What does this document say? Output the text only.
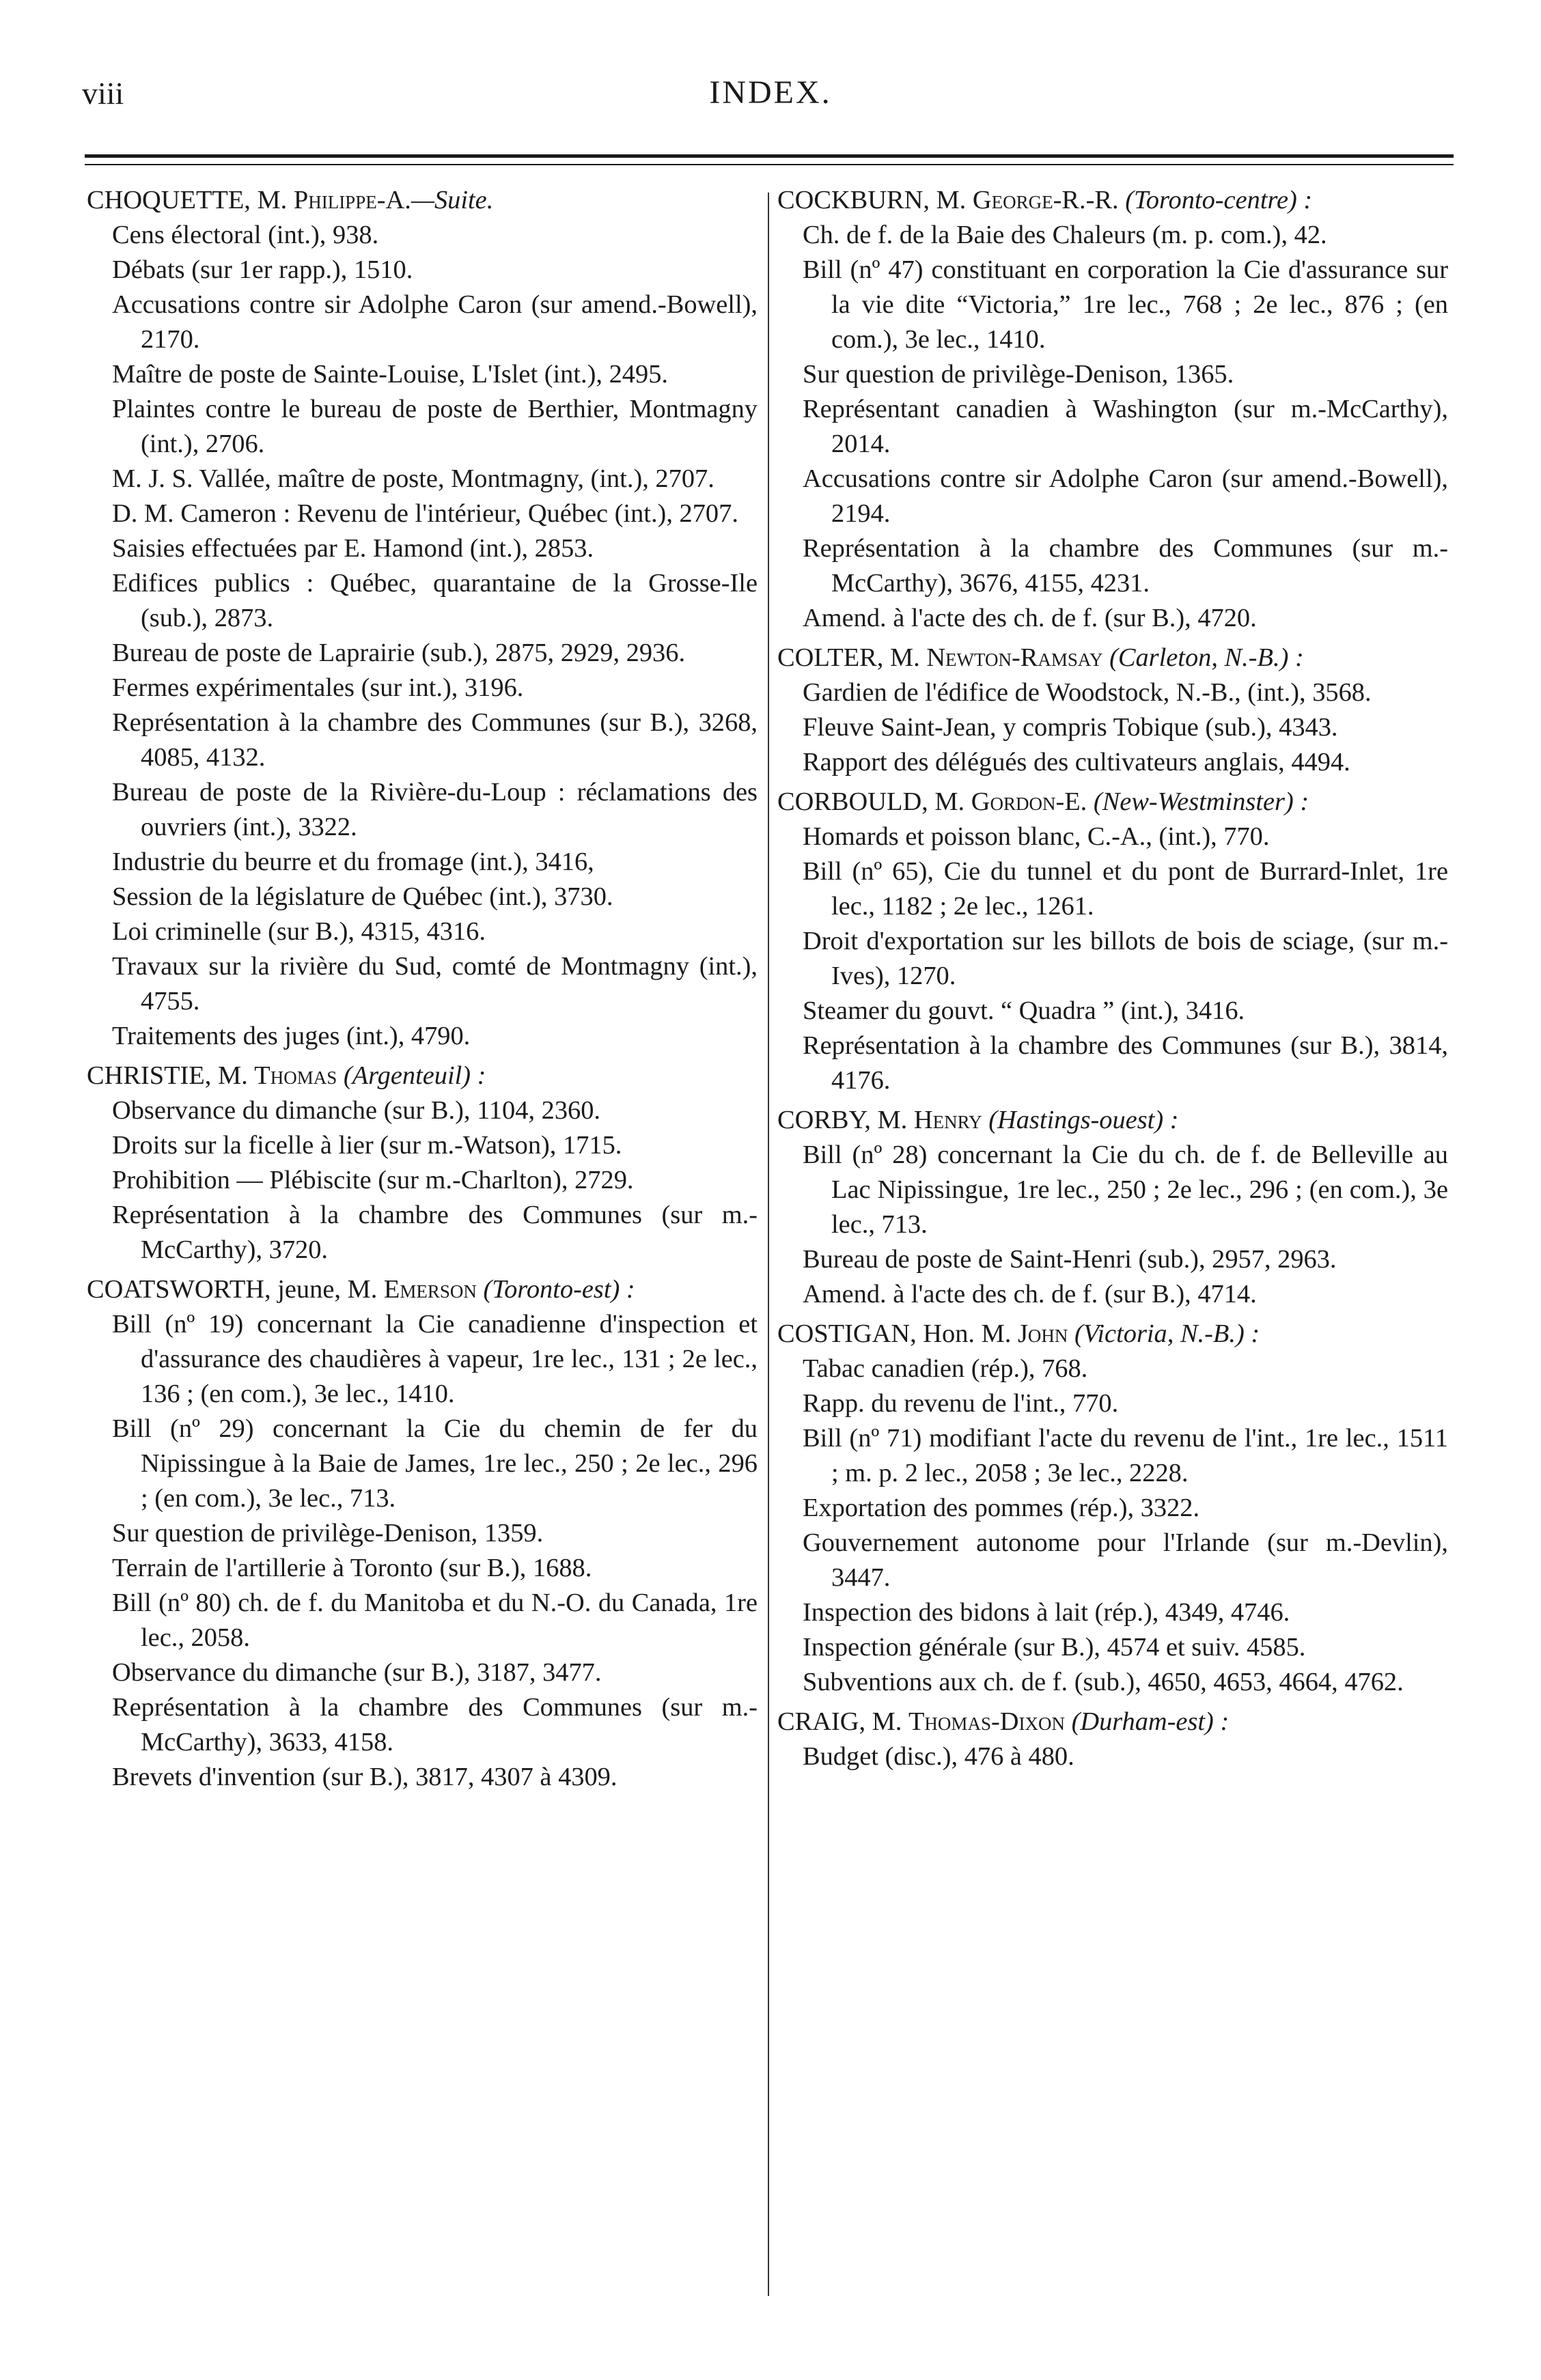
viii	INDEX.
CHOQUETTE, M. Philippe-A.—Suite.
Cens électoral (int.), 938.
Débats (sur 1er rapp.), 1510.
Accusations contre sir Adolphe Caron (sur amend.-Bowell), 2170.
Maître de poste de Sainte-Louise, L'Islet (int.), 2495.
Plaintes contre le bureau de poste de Berthier, Montmagny (int.), 2706.
M. J. S. Vallée, maître de poste, Montmagny, (int.), 2707.
D. M. Cameron : Revenu de l'intérieur, Québec (int.), 2707.
Saisies effectuées par E. Hamond (int.), 2853.
Edifices publics : Québec, quarantaine de la Grosse-Ile (sub.), 2873.
Bureau de poste de Laprairie (sub.), 2875, 2929, 2936.
Fermes expérimentales (sur int.), 3196.
Représentation à la chambre des Communes (sur B.), 3268, 4085, 4132.
Bureau de poste de la Rivière-du-Loup : réclamations des ouvriers (int.), 3322.
Industrie du beurre et du fromage (int.), 3416,
Session de la législature de Québec (int.), 3730.
Loi criminelle (sur B.), 4315, 4316.
Travaux sur la rivière du Sud, comté de Montmagny (int.), 4755.
Traitements des juges (int.), 4790.
CHRISTIE, M. Thomas (Argenteuil) :
Observance du dimanche (sur B.), 1104, 2360.
Droits sur la ficelle à lier (sur m.-Watson), 1715.
Prohibition — Plébiscite (sur m.-Charlton), 2729.
Représentation à la chambre des Communes (sur m.-McCarthy), 3720.
COATSWORTH, jeune, M. Emerson (Toronto-est) :
Bill (nº 19) concernant la Cie canadienne d'inspection et d'assurance des chaudières à vapeur, 1re lec., 131 ; 2e lec., 136 ; (en com.), 3e lec., 1410.
Bill (nº 29) concernant la Cie du chemin de fer du Nipissingue à la Baie de James, 1re lec., 250 ; 2e lec., 296 ; (en com.), 3e lec., 713.
Sur question de privilège-Denison, 1359.
Terrain de l'artillerie à Toronto (sur B.), 1688.
Bill (nº 80) ch. de f. du Manitoba et du N.-O. du Canada, 1re lec., 2058.
Observance du dimanche (sur B.), 3187, 3477.
Représentation à la chambre des Communes (sur m.-McCarthy), 3633, 4158.
Brevets d'invention (sur B.), 3817, 4307 à 4309.
COCKBURN, M. George-R.-R. (Toronto-centre) :
Ch. de f. de la Baie des Chaleurs (m. p. com.), 42.
Bill (nº 47) constituant en corporation la Cie d'assurance sur la vie dite “Victoria,” 1re lec., 768 ; 2e lec., 876 ; (en com.), 3e lec., 1410.
Sur question de privilège-Denison, 1365.
Représentant canadien à Washington (sur m.-McCarthy), 2014.
Accusations contre sir Adolphe Caron (sur amend.-Bowell), 2194.
Représentation à la chambre des Communes (sur m.-McCarthy), 3676, 4155, 4231.
Amend. à l'acte des ch. de f. (sur B.), 4720.
COLTER, M. Newton-Ramsay (Carleton, N.-B.) :
Gardien de l'édifice de Woodstock, N.-B., (int.), 3568.
Fleuve Saint-Jean, y compris Tobique (sub.), 4343.
Rapport des délégués des cultivateurs anglais, 4494.
CORBOULD, M. Gordon-E. (New-Westminster) :
Homards et poisson blanc, C.-A., (int.), 770.
Bill (nº 65), Cie du tunnel et du pont de Burrard-Inlet, 1re lec., 1182 ; 2e lec., 1261.
Droit d'exportation sur les billots de bois de sciage, (sur m.-Ives), 1270.
Steamer du gouvt. “ Quadra ” (int.), 3416.
Représentation à la chambre des Communes (sur B.), 3814, 4176.
CORBY, M. Henry (Hastings-ouest) :
Bill (nº 28) concernant la Cie du ch. de f. de Belleville au Lac Nipissingue, 1re lec., 250 ; 2e lec., 296 ; (en com.), 3e lec., 713.
Bureau de poste de Saint-Henri (sub.), 2957, 2963.
Amend. à l'acte des ch. de f. (sur B.), 4714.
COSTIGAN, Hon. M. John (Victoria, N.-B.) :
Tabac canadien (rép.), 768.
Rapp. du revenu de l'int., 770.
Bill (nº 71) modifiant l'acte du revenu de l'int., 1re lec., 1511 ; m. p. 2 lec., 2058 ; 3e lec., 2228.
Exportation des pommes (rép.), 3322.
Gouvernement autonome pour l'Irlande (sur m.-Devlin), 3447.
Inspection des bidons à lait (rép.), 4349, 4746.
Inspection générale (sur B.), 4574 et suiv. 4585.
Subventions aux ch. de f. (sub.), 4650, 4653, 4664, 4762.
CRAIG, M. Thomas-Dixon (Durham-est) :
Budget (disc.), 476 à 480.
